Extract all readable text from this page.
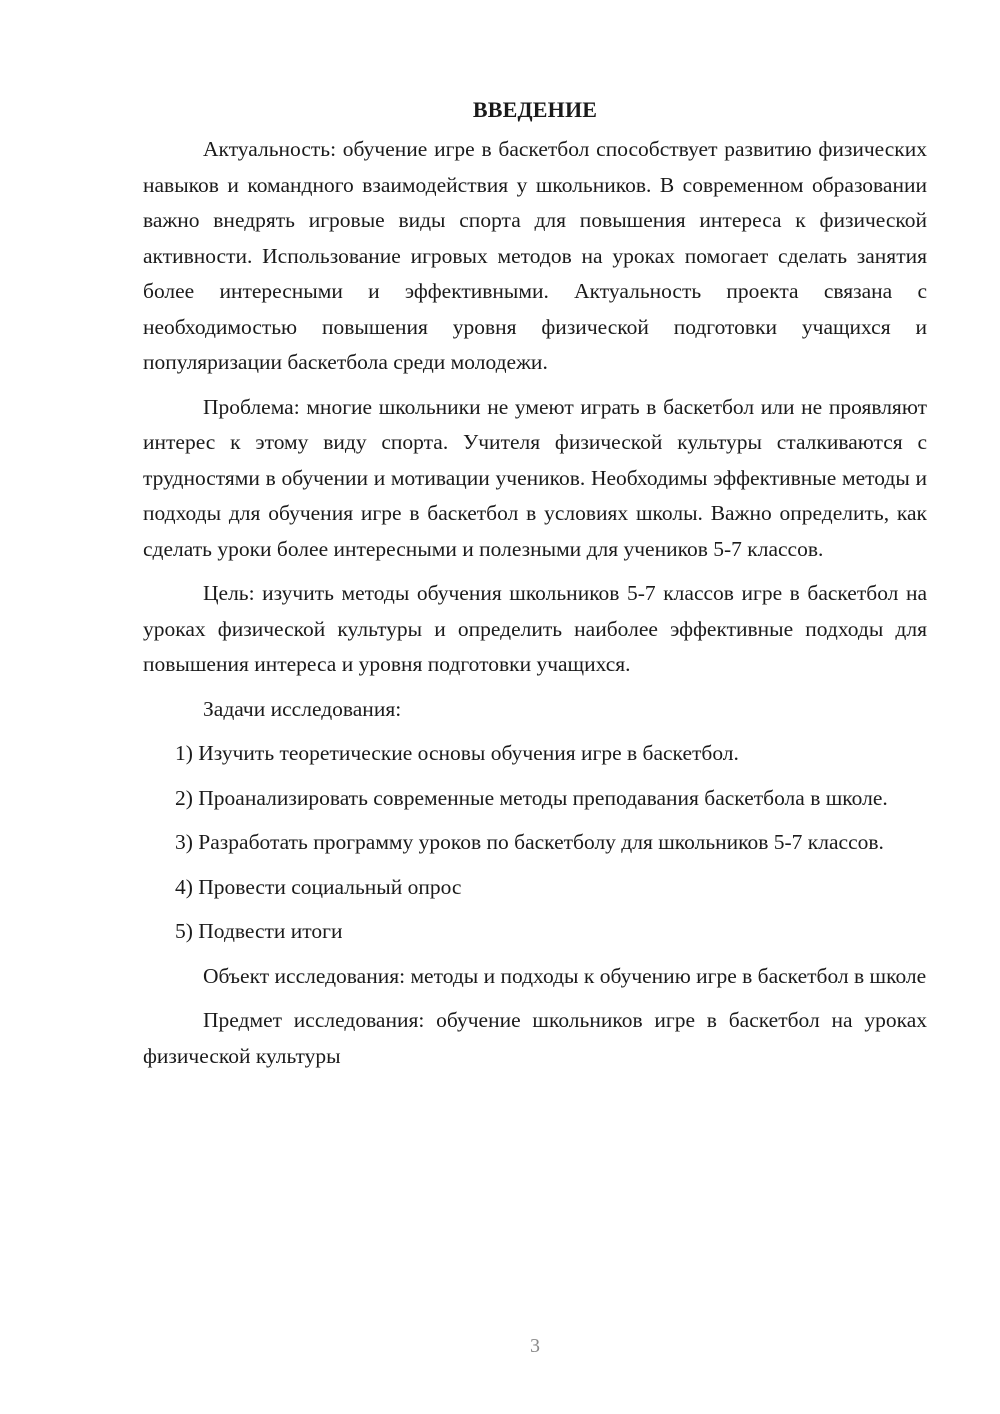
ВВЕДЕНИЕ

Актуальность: обучение игре в баскетбол способствует развитию физических навыков и командного взаимодействия у школьников. В современном образовании важно внедрять игровые виды спорта для повышения интереса к физической активности. Использование игровых методов на уроках помогает сделать занятия более интересными и эффективными. Актуальность проекта связана с необходимостью повышения уровня физической подготовки учащихся и популяризации баскетбола среди молодежи.

Проблема: многие школьники не умеют играть в баскетбол или не проявляют интерес к этому виду спорта. Учителя физической культуры сталкиваются с трудностями в обучении и мотивации учеников. Необходимы эффективные методы и подходы для обучения игре в баскетбол в условиях школы. Важно определить, как сделать уроки более интересными и полезными для учеников 5-7 классов.

Цель: изучить методы обучения школьников 5-7 классов игре в баскетбол на уроках физической культуры и определить наиболее эффективные подходы для повышения интереса и уровня подготовки учащихся.

Задачи исследования:

1) Изучить теоретические основы обучения игре в баскетбол.

2) Проанализировать современные методы преподавания баскетбола в школе.

3) Разработать программу уроков по баскетболу для школьников 5-7 классов.

4) Провести социальный опрос

5) Подвести итоги

Объект исследования: методы и подходы к обучению игре в баскетбол в школе

Предмет исследования: обучение школьников игре в баскетбол на уроках физической культуры

3
